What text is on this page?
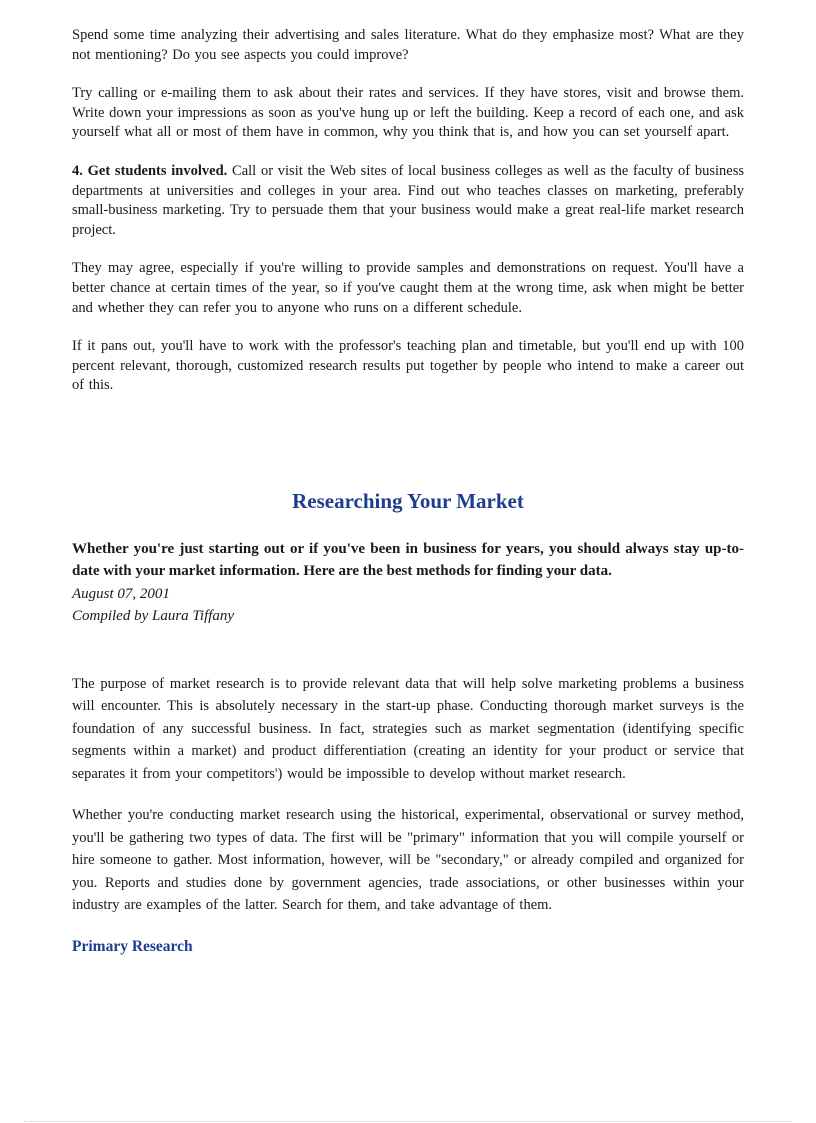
Spend some time analyzing their advertising and sales literature. What do they emphasize most? What are they not mentioning? Do you see aspects you could improve?

Try calling or e-mailing them to ask about their rates and services. If they have stores, visit and browse them. Write down your impressions as soon as you've hung up or left the building. Keep a record of each one, and ask yourself what all or most of them have in common, why you think that is, and how you can set yourself apart.

4. Get students involved. Call or visit the Web sites of local business colleges as well as the faculty of business departments at universities and colleges in your area. Find out who teaches classes on marketing, preferably small-business marketing. Try to persuade them that your business would make a great real-life market research project.

They may agree, especially if you're willing to provide samples and demonstrations on request. You'll have a better chance at certain times of the year, so if you've caught them at the wrong time, ask when might be better and whether they can refer you to anyone who runs on a different schedule.

If it pans out, you'll have to work with the professor's teaching plan and timetable, but you'll end up with 100 percent relevant, thorough, customized research results put together by people who intend to make a career out of this.

Researching Your Market

Whether you're just starting out or if you've been in business for years, you should always stay up-to-date with your market information. Here are the best methods for finding your data.

August 07, 2001

Compiled by Laura Tiffany

The purpose of market research is to provide relevant data that will help solve marketing problems a business will encounter. This is absolutely necessary in the start-up phase. Conducting thorough market surveys is the foundation of any successful business. In fact, strategies such as market segmentation (identifying specific segments within a market) and product differentiation (creating an identity for your product or service that separates it from your competitors') would be impossible to develop without market research.

Whether you're conducting market research using the historical, experimental, observational or survey method, you'll be gathering two types of data. The first will be "primary" information that you will compile yourself or hire someone to gather. Most information, however, will be "secondary," or already compiled and organized for you. Reports and studies done by government agencies, trade associations, or other businesses within your industry are examples of the latter. Search for them, and take advantage of them.

Primary Research
